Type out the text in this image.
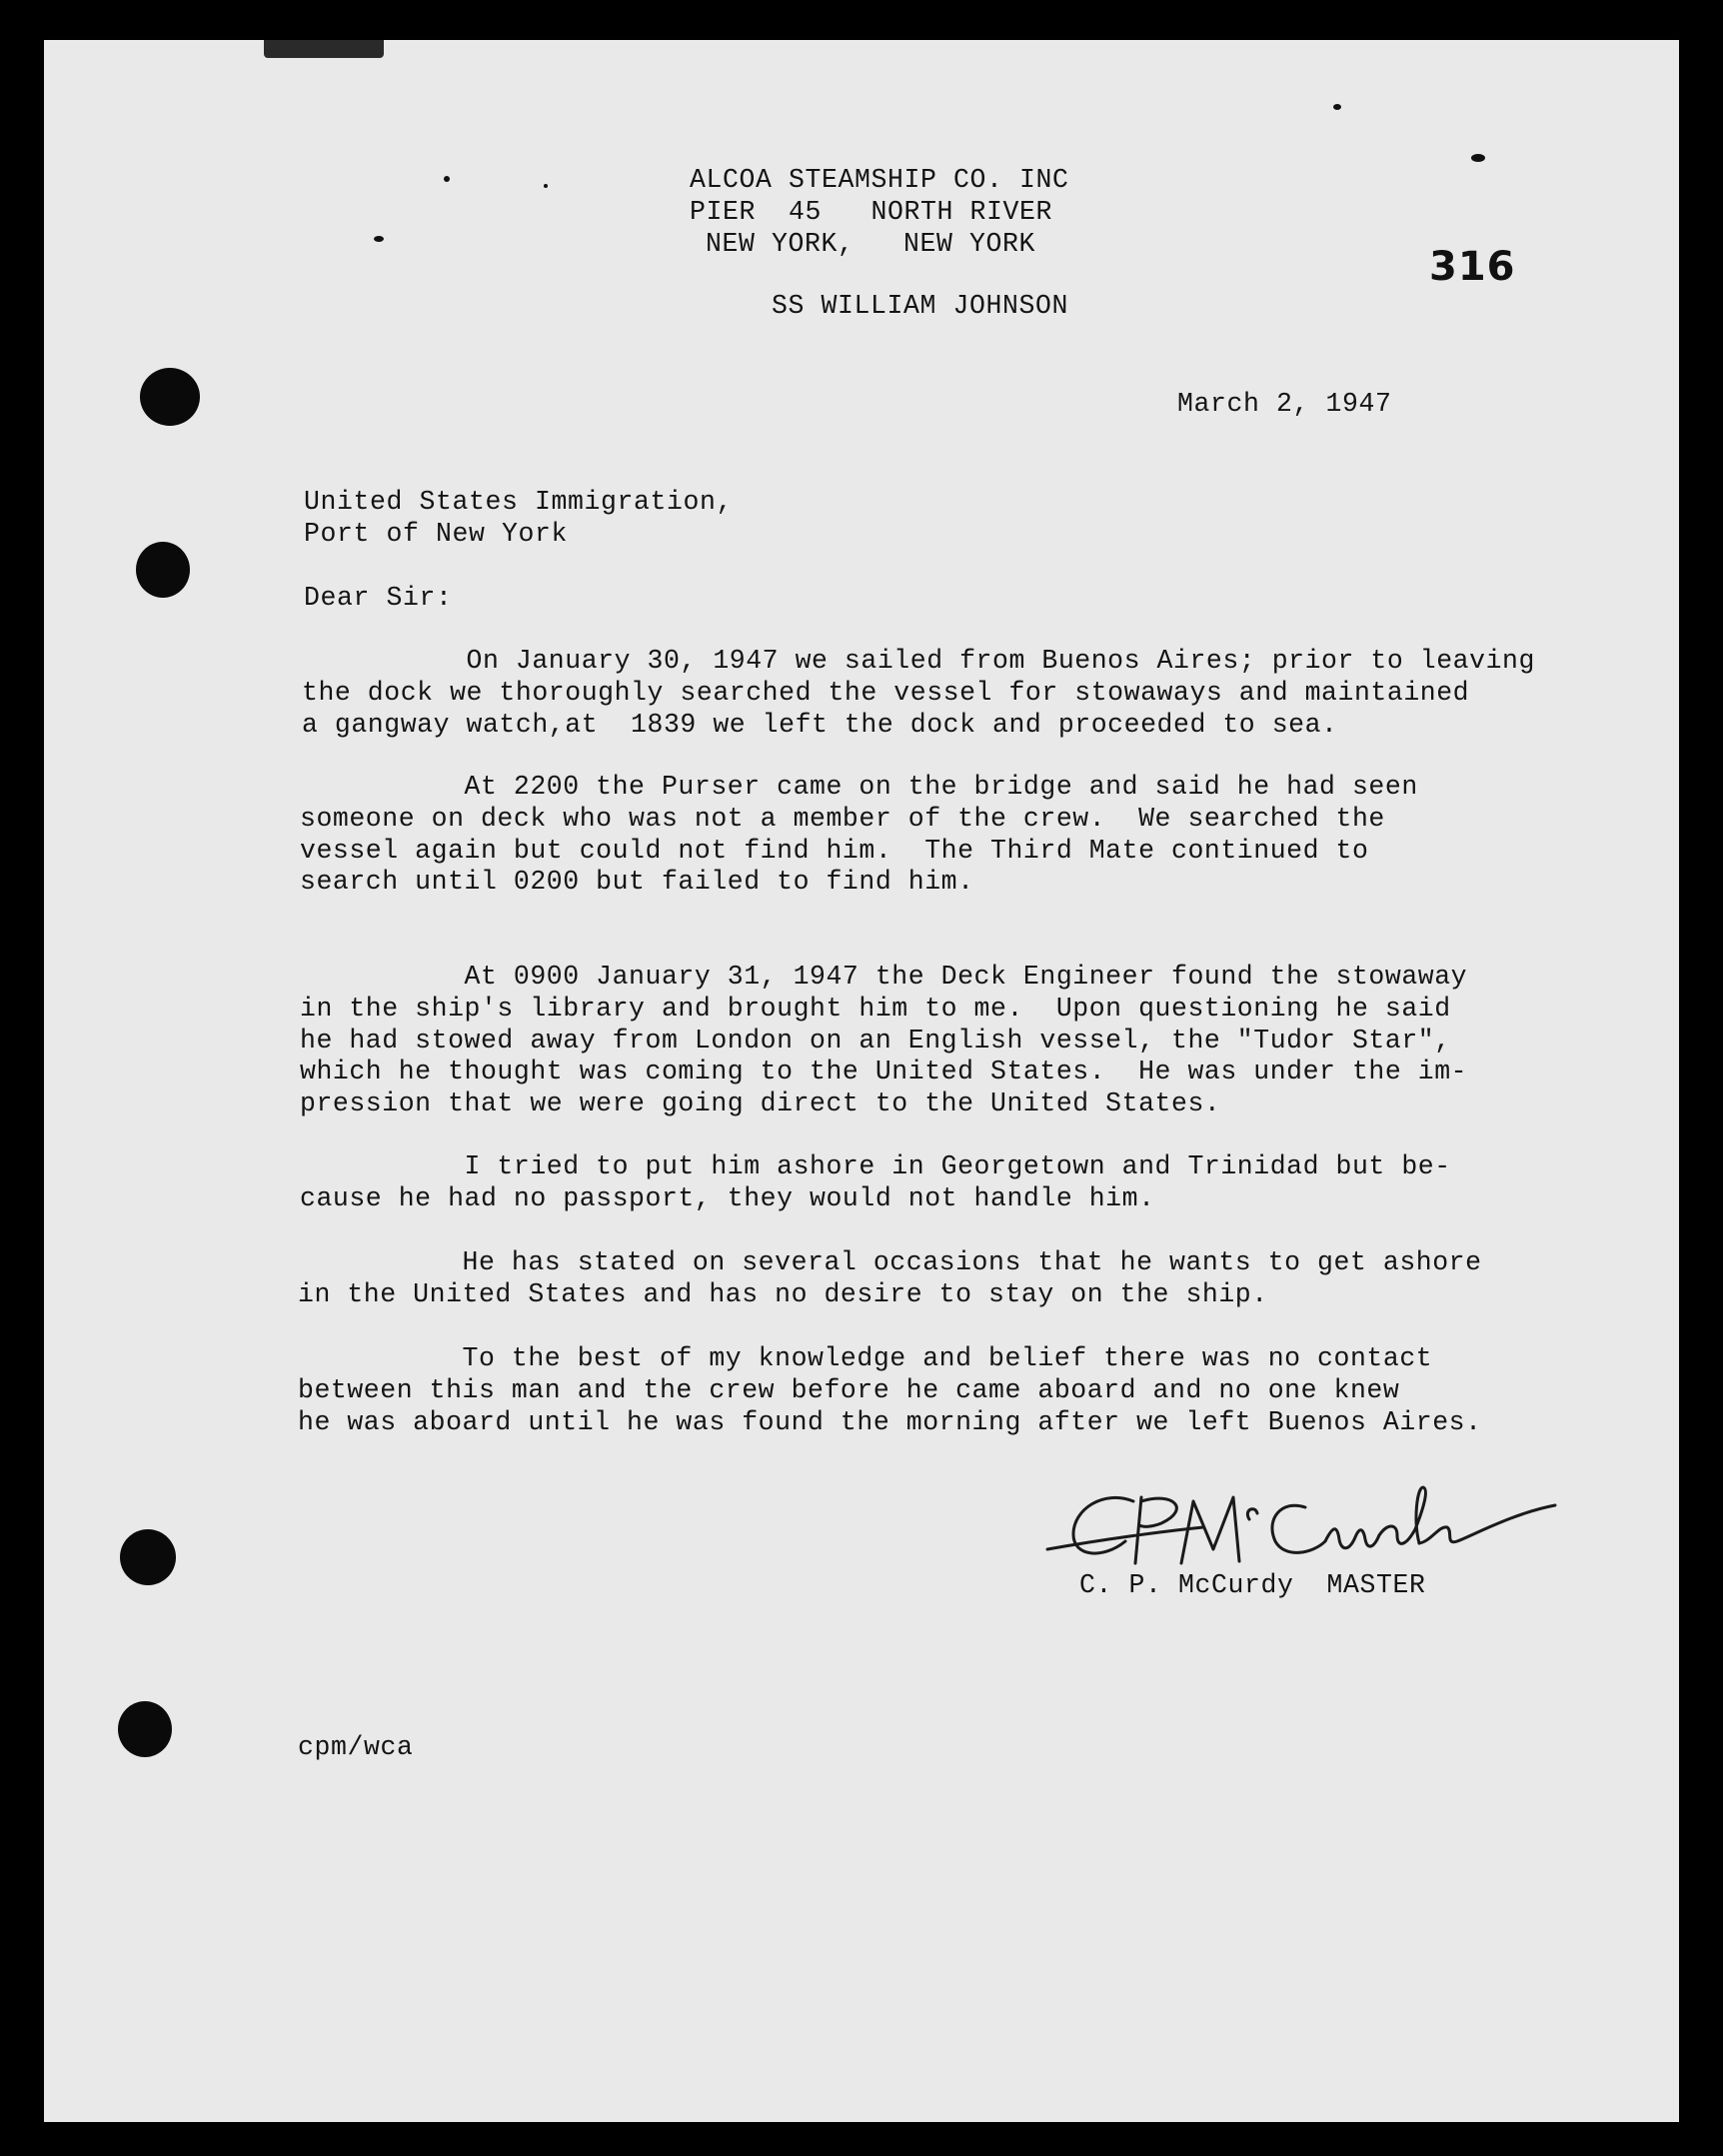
ALCOA STEAMSHIP CO. INC
PIER  45   NORTH RIVER
NEW YORK,   NEW YORK
SS WILLIAM JOHNSON
316
March 2, 1947
United States Immigration,
Port of New York
Dear Sir:
On January 30, 1947 we sailed from Buenos Aires; prior to leaving
the dock we thoroughly searched the vessel for stowaways and maintained
a gangway watch,at  1839 we left the dock and proceeded to sea.
At 2200 the Purser came on the bridge and said he had seen
someone on deck who was not a member of the crew.  We searched the
vessel again but could not find him.  The Third Mate continued to
search until 0200 but failed to find him.
At 0900 January 31, 1947 the Deck Engineer found the stowaway
in the ship's library and brought him to me.  Upon questioning he said
he had stowed away from London on an English vessel, the "Tudor Star",
which he thought was coming to the United States.  He was under the im-
pression that we were going direct to the United States.
I tried to put him ashore in Georgetown and Trinidad but be-
cause he had no passport, they would not handle him.
He has stated on several occasions that he wants to get ashore
in the United States and has no desire to stay on the ship.
To the best of my knowledge and belief there was no contact
between this man and the crew before he came aboard and no one knew
he was aboard until he was found the morning after we left Buenos Aires.
C. P. McCurdy  MASTER
cpm/wca
